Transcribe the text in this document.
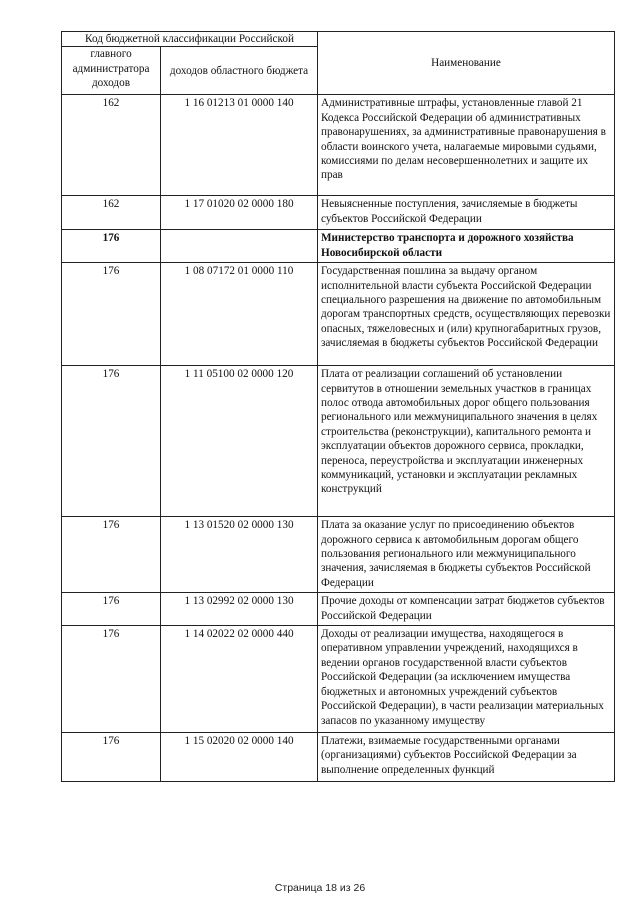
Код бюджетной классификации Российской		Наименование
главного администратора доходов	доходов областного бюджета	
162	1 16 01213 01 0000 140	Административные штрафы, установленные главой 21 Кодекса Российской Федерации об административных правонарушениях, за административные правонарушения в области воинского учета, налагаемые мировыми судьями, комиссиями по делам несовершеннолетних и защите их прав
162	1 17 01020 02 0000 180	Невыясненные поступления, зачисляемые в бюджеты субъектов Российской Федерации
176		Министерство транспорта и дорожного хозяйства Новосибирской области
176	1 08 07172 01 0000 110	Государственная пошлина за выдачу органом исполнительной власти субъекта Российской Федерации специального разрешения на движение по автомобильным дорогам транспортных средств, осуществляющих перевозки опасных, тяжеловесных и (или) крупногабаритных грузов, зачисляемая в бюджеты субъектов Российской Федерации
176	1 11 05100 02 0000 120	Плата от реализации соглашений об установлении сервитутов в отношении земельных участков в границах полос отвода автомобильных дорог общего пользования регионального или межмуниципального значения в целях строительства (реконструкции), капитального ремонта и эксплуатации объектов дорожного сервиса, прокладки, переноса, переустройства и эксплуатации инженерных коммуникаций, установки и эксплуатации рекламных конструкций
176	1 13 01520 02 0000 130	Плата за оказание услуг по присоединению объектов дорожного сервиса к автомобильным дорогам общего пользования регионального или межмуниципального значения, зачисляемая в бюджеты субъектов Российской Федерации
176	1 13 02992 02 0000 130	Прочие доходы от компенсации затрат бюджетов субъектов Российской Федерации
176	1 14 02022 02 0000 440	Доходы от реализации имущества, находящегося в оперативном управлении учреждений, находящихся в ведении органов государственной власти субъектов Российской Федерации (за исключением имущества бюджетных и автономных учреждений субъектов Российской Федерации), в части реализации материальных запасов по указанному имуществу
176	1 15 02020 02 0000 140	Платежи, взимаемые государственными органами (организациями) субъектов Российской Федерации за выполнение определенных функций
Страница 18 из 26
